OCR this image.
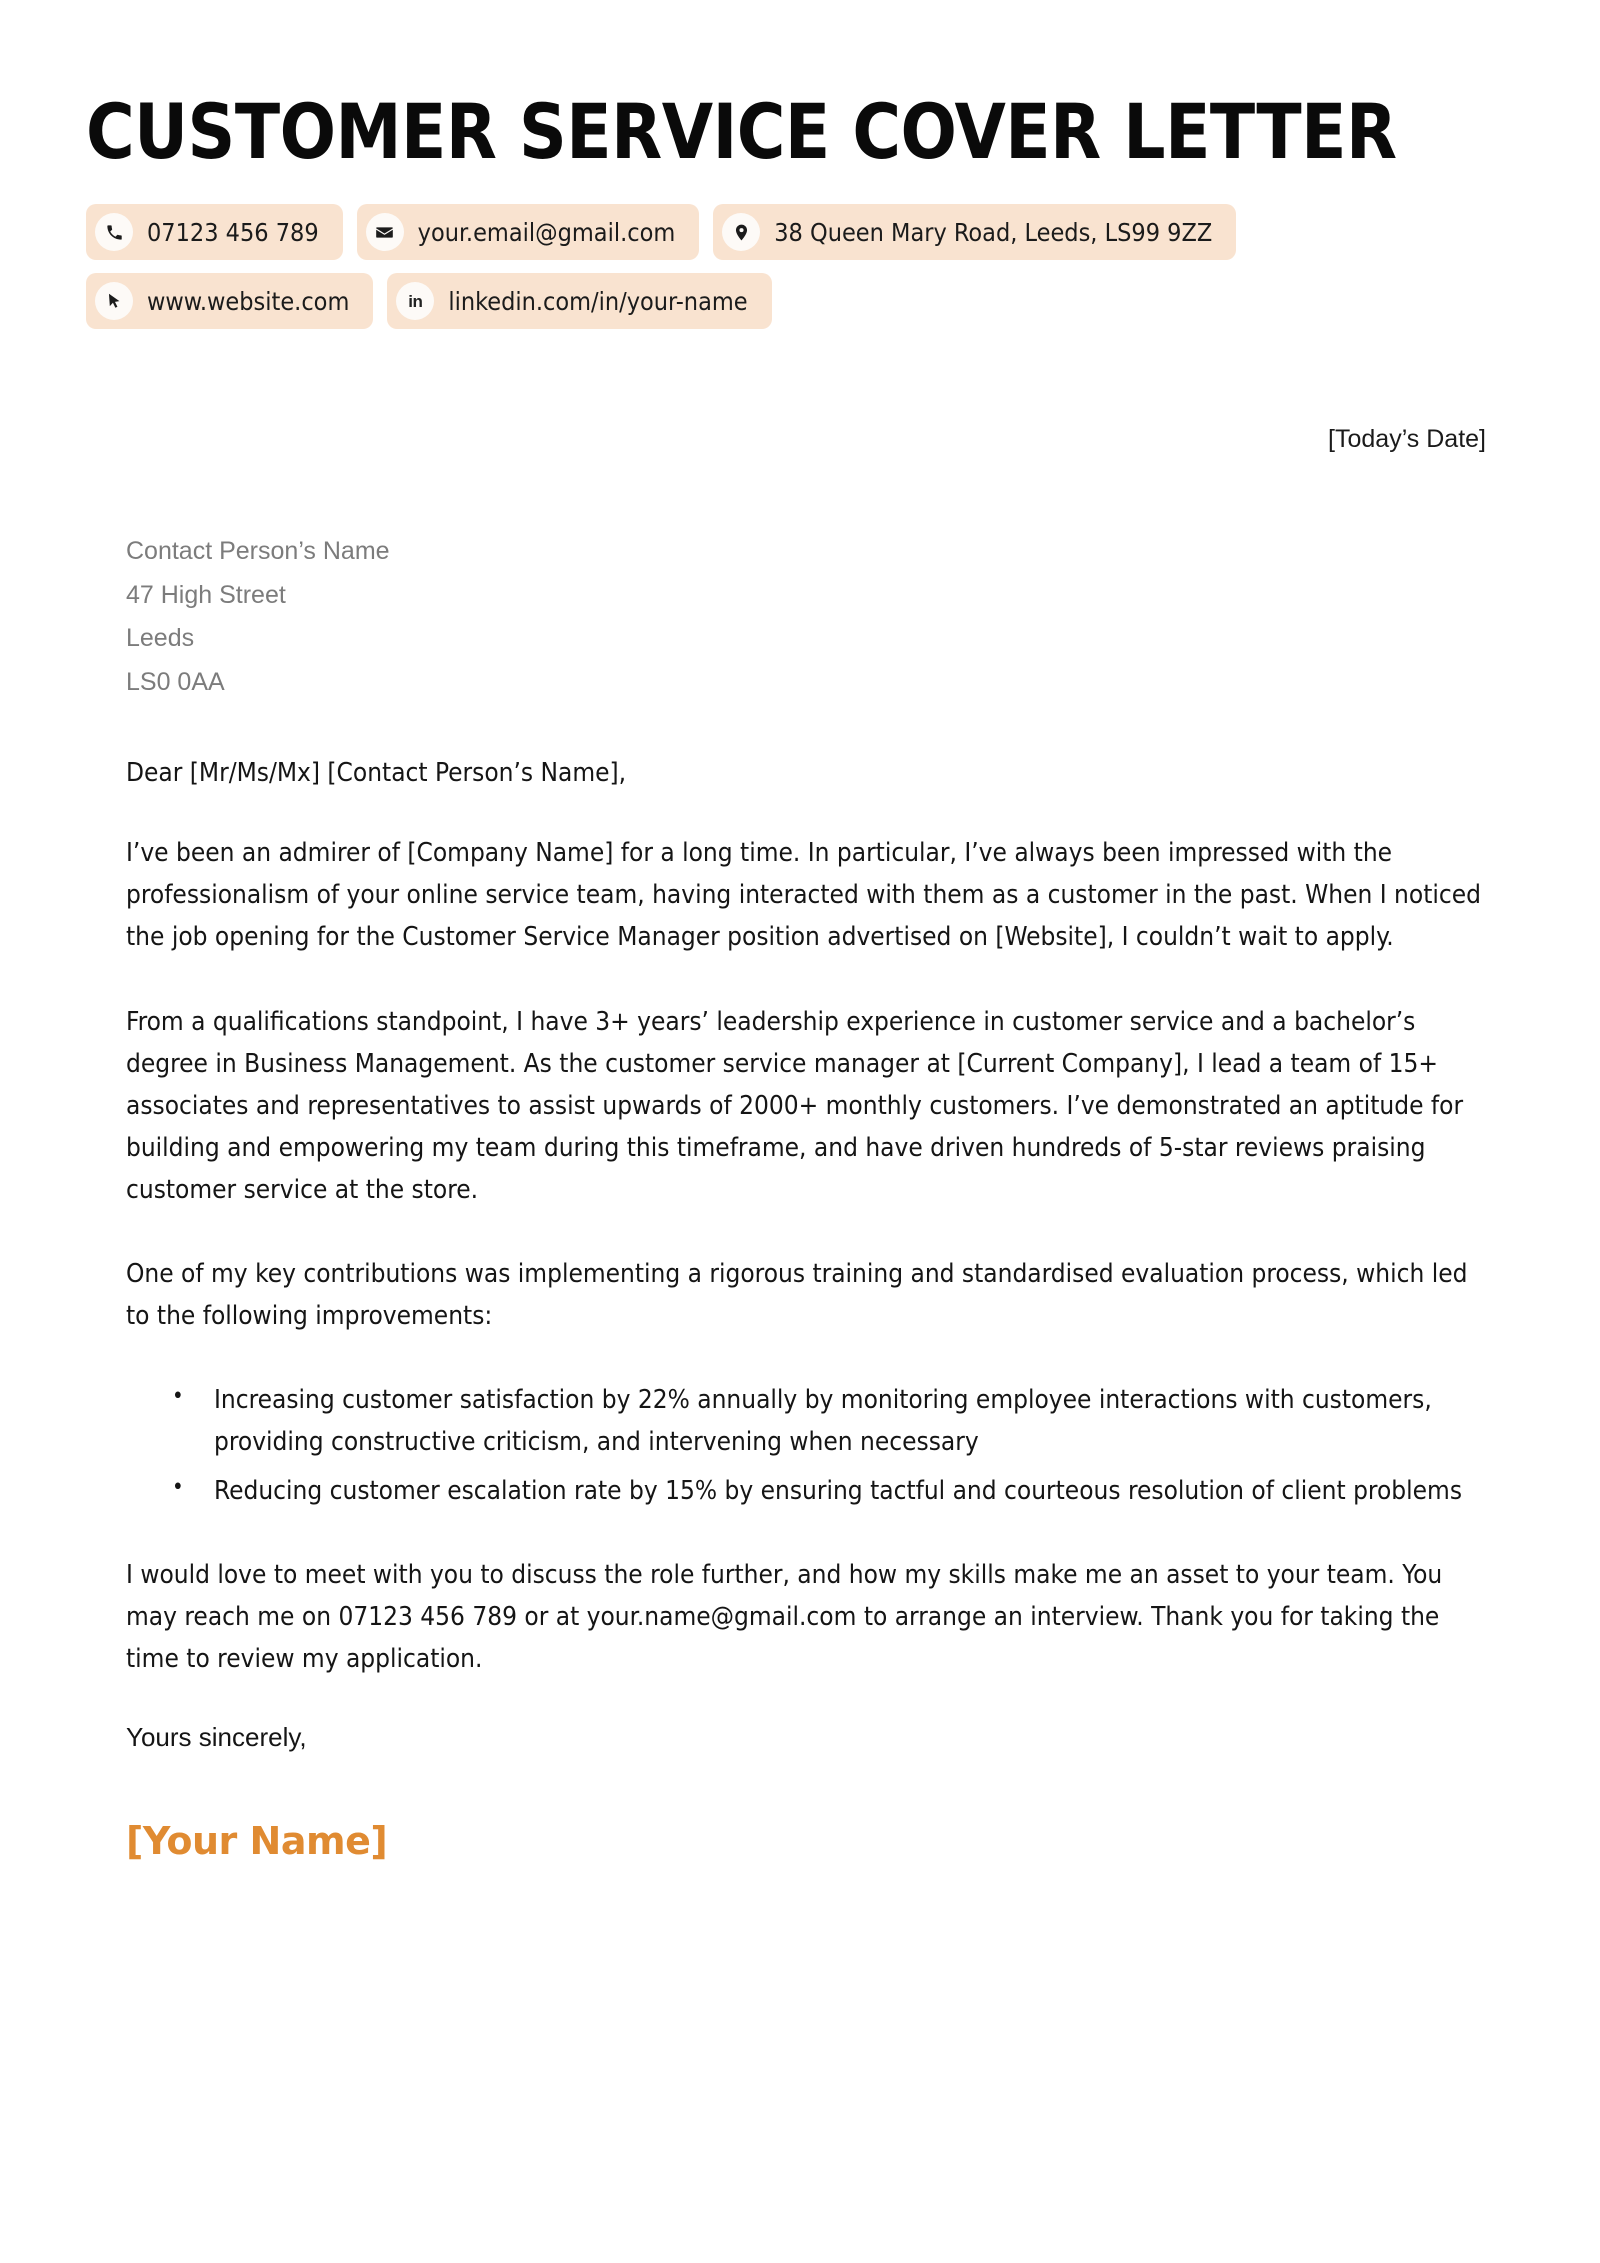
CUSTOMER SERVICE COVER LETTER
07123 456 789	your.email@gmail.com	38 Queen Mary Road, Leeds, LS99 9ZZ
www.website.com	in linkedin.com/in/your-name
[Today’s Date]
Contact Person’s Name
47 High Street
Leeds
LS0 0AA
Dear [Mr/Ms/Mx] [Contact Person’s Name],

I’ve been an admirer of [Company Name] for a long time. In particular, I’ve always been impressed with the professionalism of your online service team, having interacted with them as a customer in the past. When I noticed the job opening for the Customer Service Manager position advertised on [Website], I couldn’t wait to apply.

From a qualifications standpoint, I have 3+ years’ leadership experience in customer service and a bachelor’s degree in Business Management. As the customer service manager at [Current Company], I lead a team of 15+ associates and representatives to assist upwards of 2000+ monthly customers. I’ve demonstrated an aptitude for building and empowering my team during this timeframe, and have driven hundreds of 5-star reviews praising customer service at the store.

One of my key contributions was implementing a rigorous training and standardised evaluation process, which led to the following improvements:

• Increasing customer satisfaction by 22% annually by monitoring employee interactions with customers, providing constructive criticism, and intervening when necessary
• Reducing customer escalation rate by 15% by ensuring tactful and courteous resolution of client problems

I would love to meet with you to discuss the role further, and how my skills make me an asset to your team. You may reach me on 07123 456 789 or at your.name@gmail.com to arrange an interview. Thank you for taking the time to review my application.

Yours sincerely,

[Your Name]
